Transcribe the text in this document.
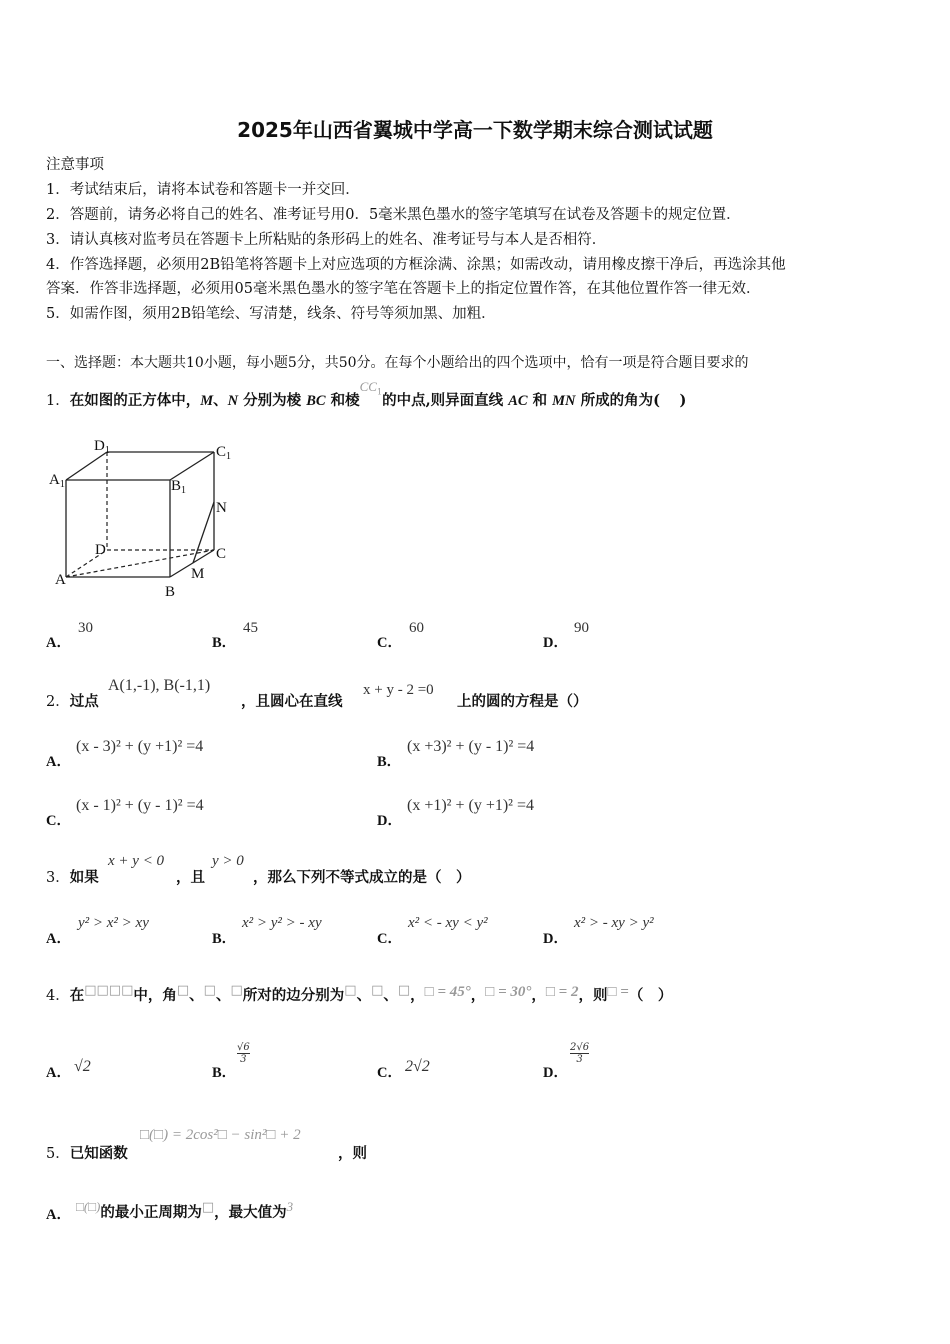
2025年山西省翼城中学高一下数学期末综合测试试题
注意事项
1．考试结束后，请将本试卷和答题卡一并交回．
2．答题前，请务必将自己的姓名、准考证号用0．5毫米黑色墨水的签字笔填写在试卷及答题卡的规定位置．
3．请认真核对监考员在答题卡上所粘贴的条形码上的姓名、准考证号与本人是否相符．
4．作答选择题，必须用2B铅笔将答题卡上对应选项的方框涂满、涂黑；如需改动，请用橡皮擦干净后，再选涂其他
答案．作答非选择题，必须用05毫米黑色墨水的签字笔在答题卡上的指定位置作答，在其他位置作答一律无效．
5．如需作图，须用2B铅笔绘、写清楚，线条、符号等须加黑、加粗．
一、选择题：本大题共10小题，每小题5分，共50分。在每个小题给出的四个选项中，恰有一项是符合题目要求的
1．在如图的正方体中，M、N 分别为棱 BC 和棱$CC_1$的中点,则异面直线 AC 和 MN 所成的角为(　 )
$D_1$	$C_1$
$A_1$	$B_1$
N
D	C
A	M
B
A．
30
B．
45
C．
60
D．
90
2．过点
A(1,‑1), B(‑1,1)
，且圆心在直线
x + y ‑ 2 =0
上的圆的方程是（）
A．
(x ‑ 3)² + (y +1)² =4
B．
(x +3)² + (y ‑ 1)² =4
C．
(x ‑ 1)² + (y ‑ 1)² =4
D．
(x +1)² + (y +1)² =4
3．如果
x + y < 0
，且
y > 0
，那么下列不等式成立的是（　）
A．
y² > x² > xy
B．
x² > y² > ‑ xy
C．
x² < ‑ xy < y²
D．
x² > ‑ xy > y²
4．在□□□□中，角□、□、□所对的边分别为□、□、□，□ = 45°，□ = 30°，□ = 2，则□ =（　）
A． √2	B．
$\frac{√6}{3}$
C． 2√2	D．
$\frac{2√6}{3}$
5．已知函数
□(□) = 2cos²□ − sin²□ + 2
，则
A．
□(□)的最小正周期为□，最大值为3
